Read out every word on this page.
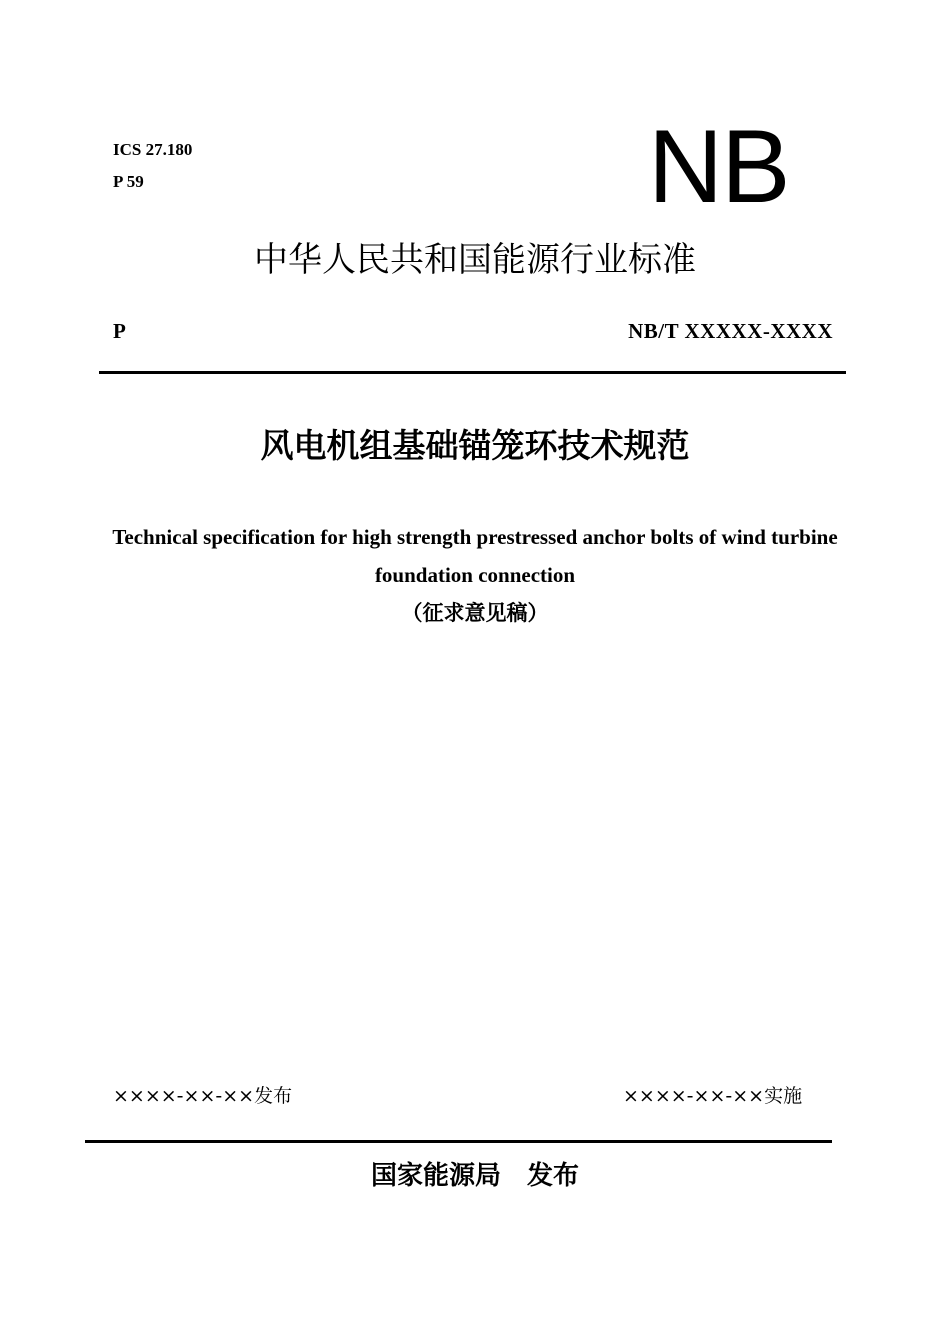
ICS 27.180
P 59	NB
中华人民共和国能源行业标准
P	NB/T XXXXX-XXXX
风电机组基础锚笼环技术规范
Technical specification for high strength prestressed anchor bolts of wind turbine foundation connection
（征求意见稿）
××××-××-××发布	××××-××-××实施
国家能源局　发布
